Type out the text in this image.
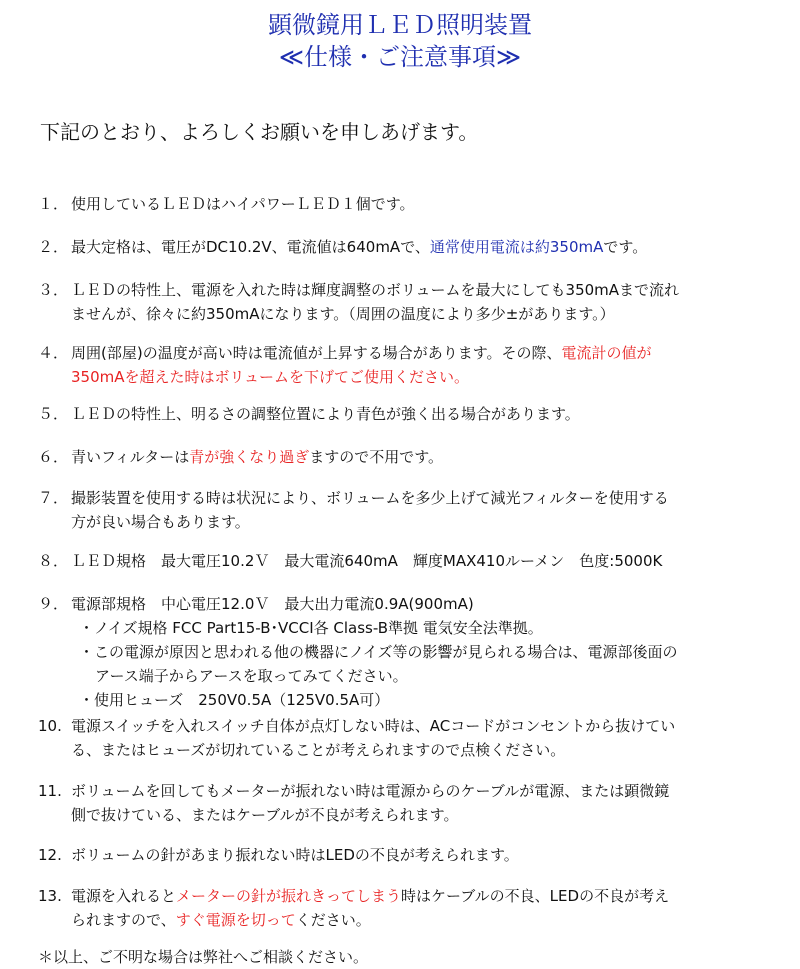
顕微鏡用ＬＥＤ照明装置
≪仕様・ご注意事項≫
下記のとおり、よろしくお願いを申しあげます。
１． 使用しているＬＥＤはハイパワーＬＥＤ１個です。
２． 最大定格は、電圧がDC10.2V、電流値は640mAで、通常使用電流は約350mAです。
３． ＬＥＤの特性上、電源を入れた時は輝度調整のボリュームを最大にしても350mAまで流れ
ませんが、徐々に約350mAになります。（周囲の温度により多少±があります。）
４． 周囲(部屋)の温度が高い時は電流値が上昇する場合があります。その際、電流計の値が
350mAを超えた時はボリュームを下げてご使用ください。
５． ＬＥＤの特性上、明るさの調整位置により青色が強く出る場合があります。
６． 青いフィルターは青が強くなり過ぎますので不用です。
７． 撮影装置を使用する時は状況により、ボリュームを多少上げて減光フィルターを使用する
方が良い場合もあります。
８． ＬＥＤ規格　最大電圧10.2Ｖ　最大電流640mA　輝度MAX410ルーメン　色度:5000K
９． 電源部規格　中心電圧12.0Ｖ　最大出力電流0.9A(900mA)
・ノイズ規格 FCC Part15-B･VCCI各 Class-B準拠 電気安全法準拠。
・この電源が原因と思われる他の機器にノイズ等の影響が見られる場合は、電源部後面の
アース端子からアースを取ってみてください。
・使用ヒューズ　250V0.5A（125V0.5A可）
10. 電源スイッチを入れスイッチ自体が点灯しない時は、ACコードがコンセントから抜けてい
る、またはヒューズが切れていることが考えられますので点検ください。
11. ボリュームを回してもメーターが振れない時は電源からのケーブルが電源、または顕微鏡
側で抜けている、またはケーブルが不良が考えられます。
12. ボリュームの針があまり振れない時はLEDの不良が考えられます。
13. 電源を入れるとメーターの針が振れきってしまう時はケーブルの不良、LEDの不良が考え
られますので、すぐ電源を切ってください。
＊以上、ご不明な場合は弊社へご相談ください。
